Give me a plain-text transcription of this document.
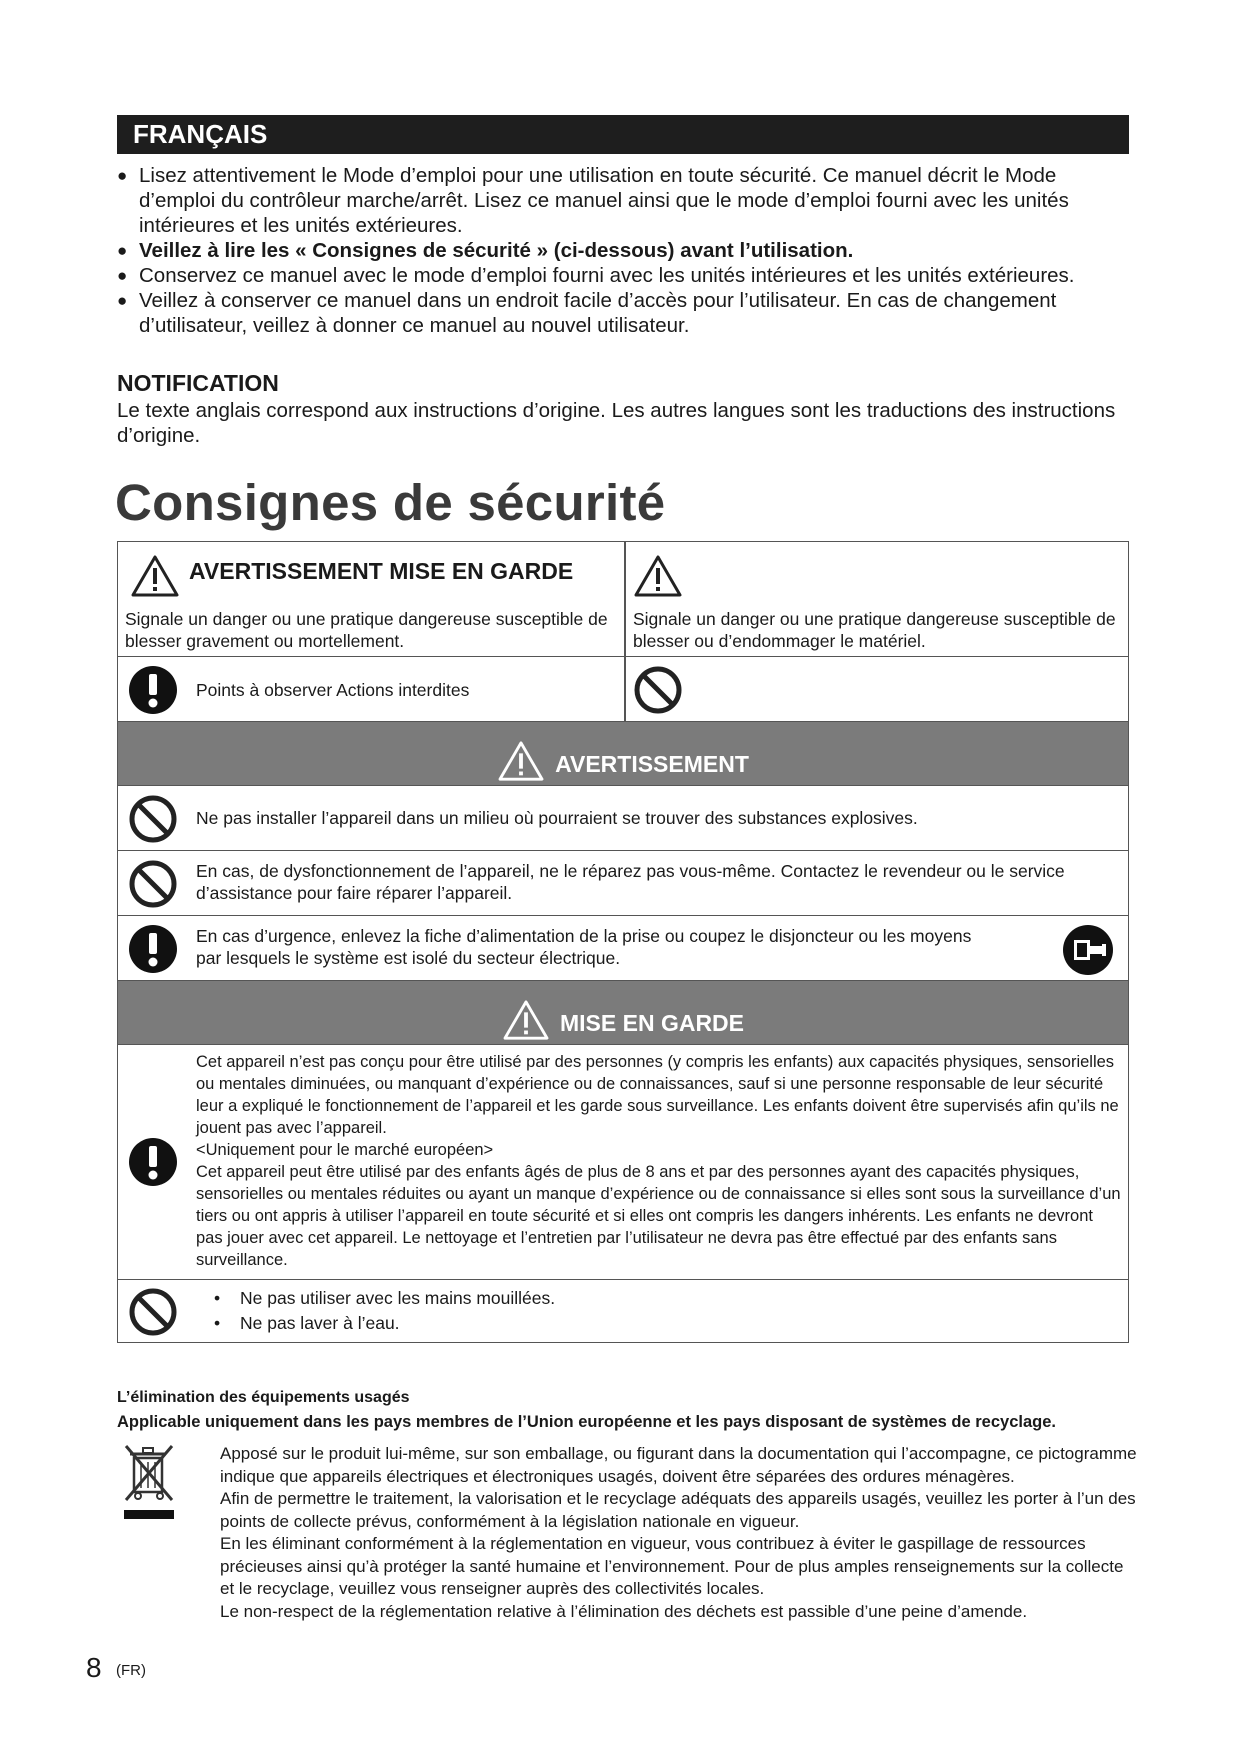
FRANÇAIS
● Lisez attentivement le Mode d’emploi pour une utilisation en toute sécurité. Ce manuel décrit le Mode d’emploi du contrôleur marche/arrêt. Lisez ce manuel ainsi que le mode d’emploi fourni avec les unités intérieures et les unités extérieures.
● Veillez à lire les « Consignes de sécurité » (ci-dessous) avant l’utilisation.
● Conservez ce manuel avec le mode d’emploi fourni avec les unités intérieures et les unités extérieures.
● Veillez à conserver ce manuel dans un endroit facile d’accès pour l’utilisateur. En cas de changement d’utilisateur, veillez à donner ce manuel au nouvel utilisateur.
NOTIFICATION
Le texte anglais correspond aux instructions d’origine. Les autres langues sont les traductions des instructions d’origine.
Consignes de sécurité
AVERTISSEMENT MISE EN GARDE
Signale un danger ou une pratique dangereuse susceptible de blesser gravement ou mortellement.
Signale un danger ou une pratique dangereuse susceptible de blesser ou d’endommager le matériel.
Points à observer Actions interdites
AVERTISSEMENT
Ne pas installer l’appareil dans un milieu où pourraient se trouver des substances explosives.
En cas, de dysfonctionnement de l’appareil, ne le réparez pas vous-même. Contactez le revendeur ou le service d’assistance pour faire réparer l’appareil.
En cas d’urgence, enlevez la fiche d’alimentation de la prise ou coupez le disjoncteur ou les moyens par lesquels le système est isolé du secteur électrique.
MISE EN GARDE
Cet appareil n’est pas conçu pour être utilisé par des personnes (y compris les enfants) aux capacités physiques, sensorielles ou mentales diminuées, ou manquant d’expérience ou de connaissances, sauf si une personne responsable de leur sécurité leur a expliqué le fonctionnement de l’appareil et les garde sous surveillance. Les enfants doivent être supervisés afin qu’ils ne jouent pas avec l’appareil.
<Uniquement pour le marché européen>
Cet appareil peut être utilisé par des enfants âgés de plus de 8 ans et par des personnes ayant des capacités physiques, sensorielles ou mentales réduites ou ayant un manque d’expérience ou de connaissance si elles sont sous la surveillance d’un tiers ou ont appris à utiliser l’appareil en toute sécurité et si elles ont compris les dangers inhérents. Les enfants ne devront pas jouer avec cet appareil. Le nettoyage et l’entretien par l’utilisateur ne devra pas être effectué par des enfants sans surveillance.
• Ne pas utiliser avec les mains mouillées.
• Ne pas laver à l’eau.
L’élimination des équipements usagés
Applicable uniquement dans les pays membres de l’Union européenne et les pays disposant de systèmes de recyclage.
Apposé sur le produit lui-même, sur son emballage, ou figurant dans la documentation qui l’accompagne, ce pictogramme indique que appareils électriques et électroniques usagés, doivent être séparées des ordures ménagères.
Afin de permettre le traitement, la valorisation et le recyclage adéquats des appareils usagés, veuillez les porter à l’un des points de collecte prévus, conformément à la législation nationale en vigueur.
En les éliminant conformément à la réglementation en vigueur, vous contribuez à éviter le gaspillage de ressources précieuses ainsi qu’à protéger la santé humaine et l’environnement. Pour de plus amples renseignements sur la collecte et le recyclage, veuillez vous renseigner auprès des collectivités locales.
Le non-respect de la réglementation relative à l’élimination des déchets est passible d’une peine d’amende.
8 (FR)
